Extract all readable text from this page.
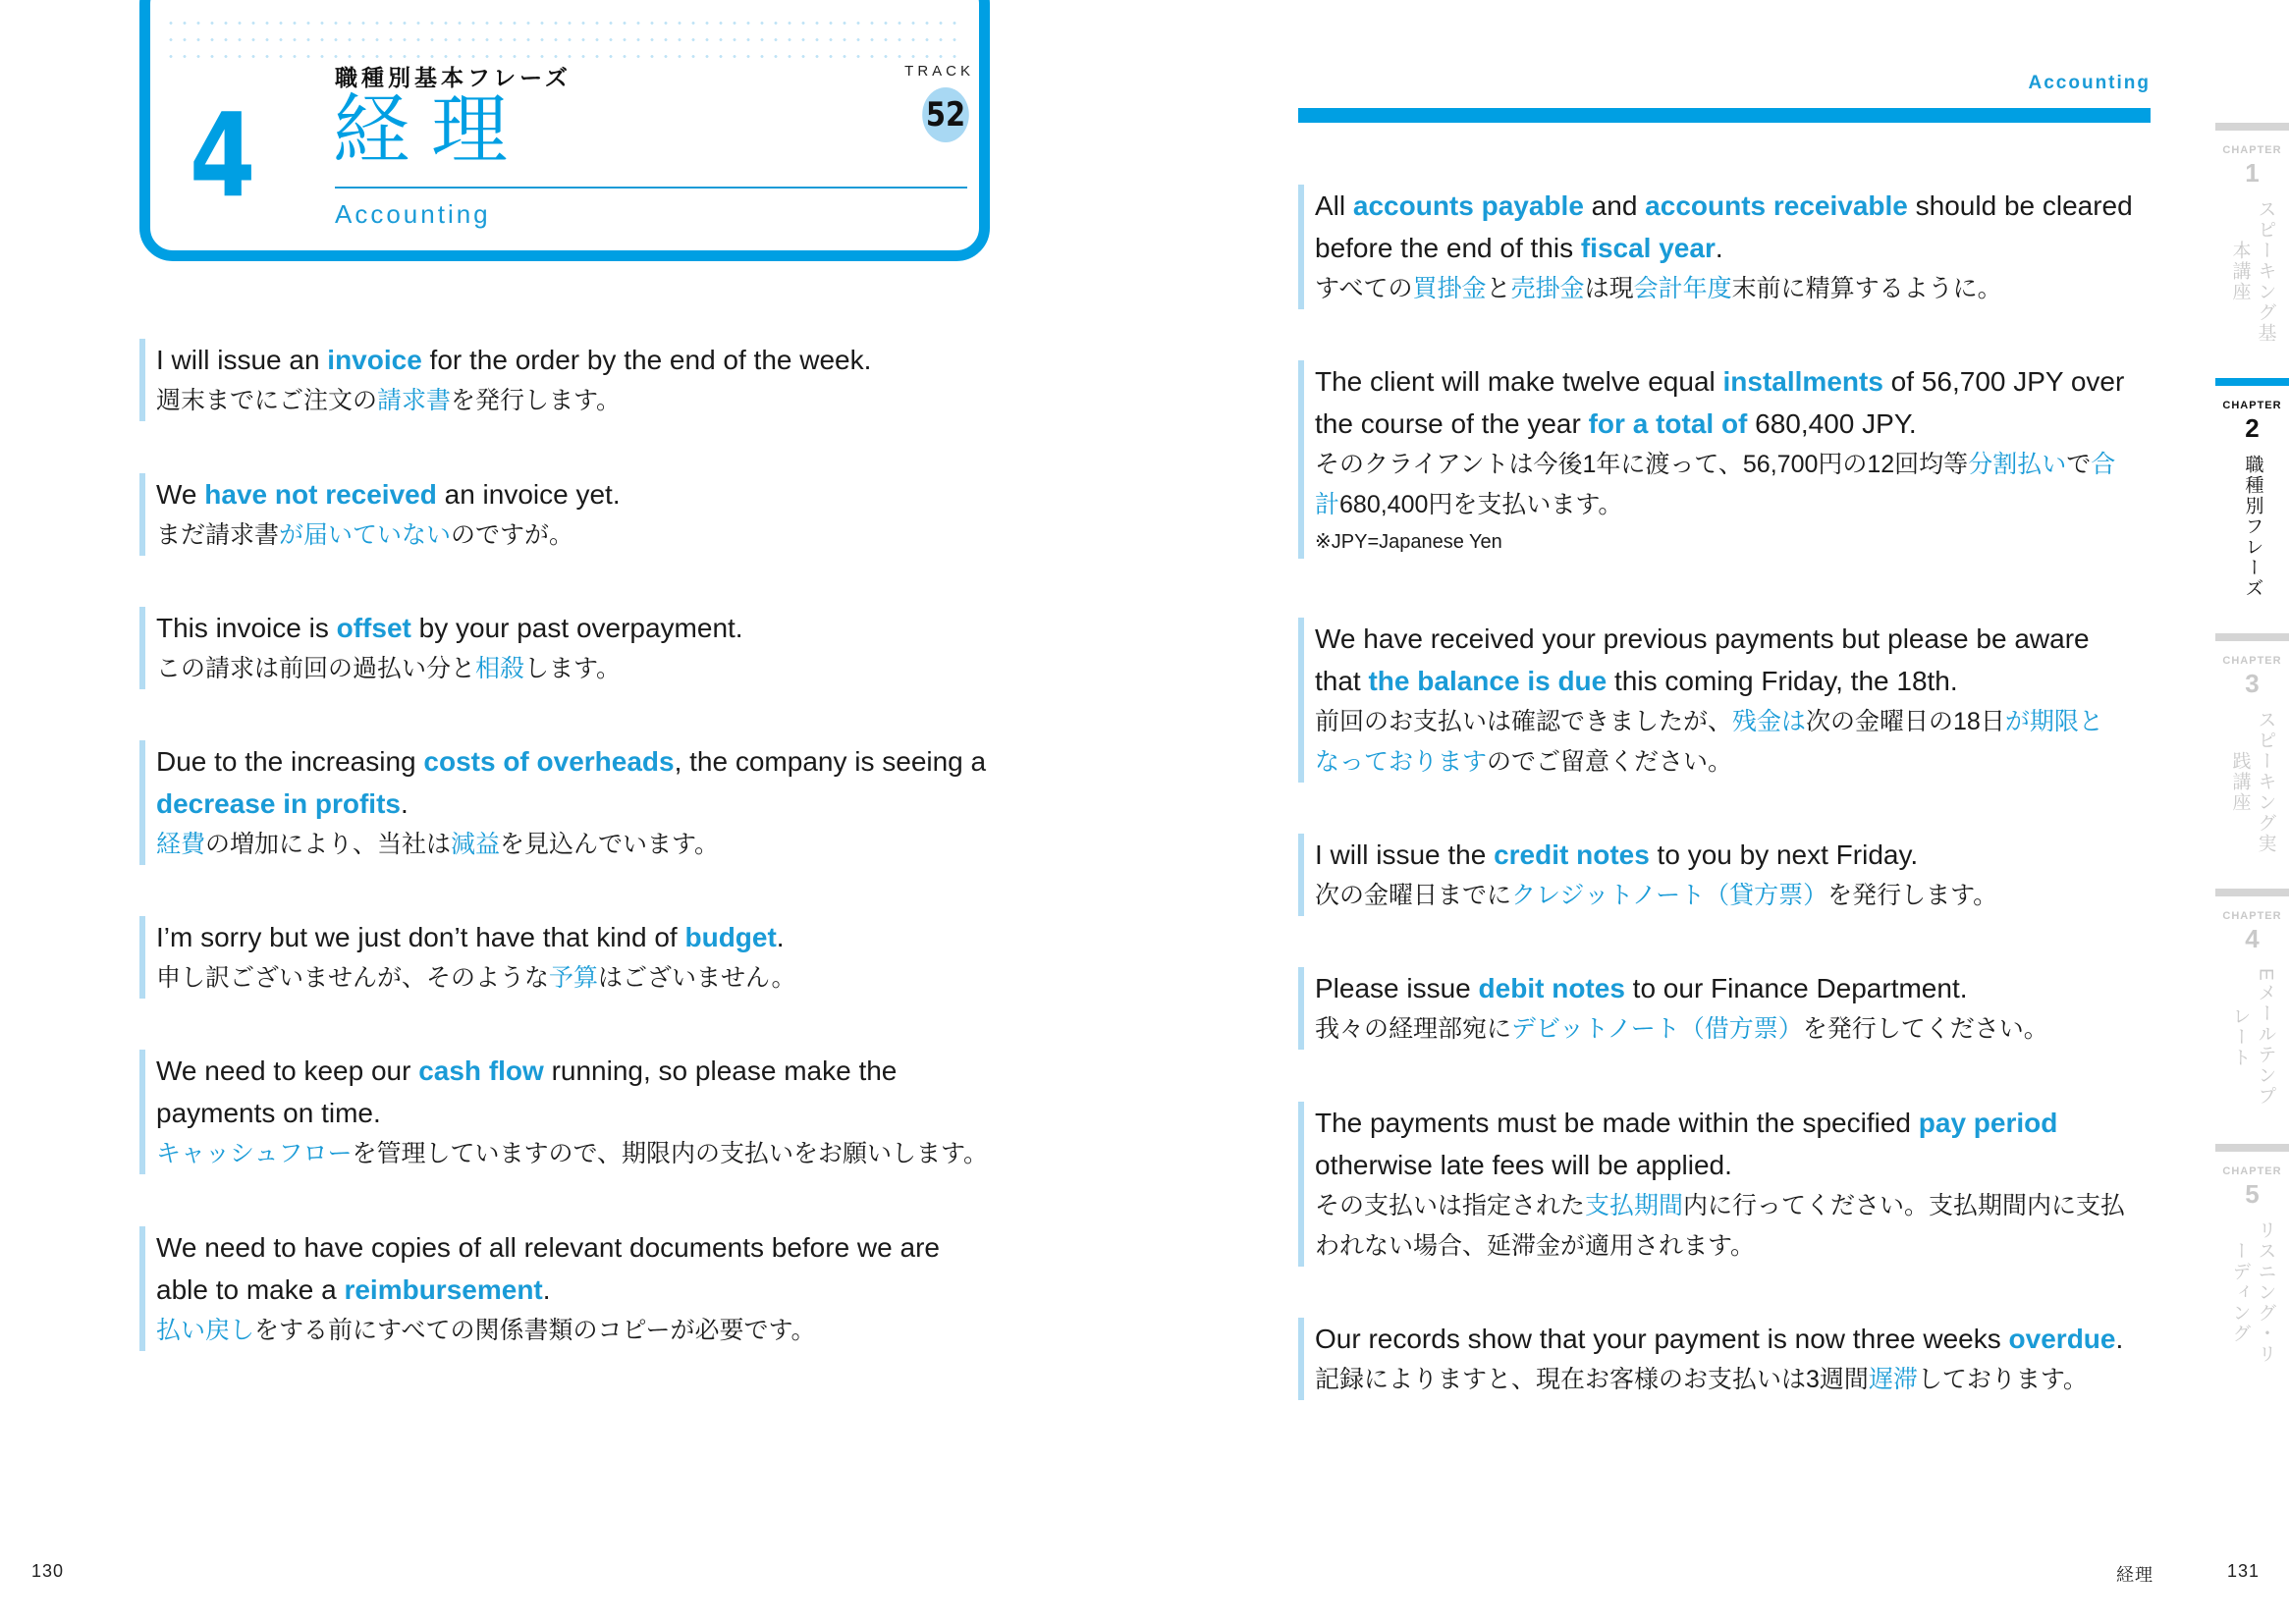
4
職種別基本フレーズ
経理
Accounting
TRACK
52
Accounting
I will issue an invoice for the order by the end of the week.
週末までにご注文の請求書を発行します。
We have not received an invoice yet.
まだ請求書が届いていないのですが。
This invoice is offset by your past overpayment.
この請求は前回の過払い分と相殺します。
Due to the increasing costs of overheads, the company is seeing a
decrease in profits.
経費の増加により、当社は減益を見込んでいます。
I’m sorry but we just don’t have that kind of budget.
申し訳ございませんが、そのような予算はございません。
We need to keep our cash flow running, so please make the
payments on time.
キャッシュフローを管理していますので、期限内の支払いをお願いします。
We need to have copies of all relevant documents before we are
able to make a reimbursement.
払い戻しをする前にすべての関係書類のコピーが必要です。
All accounts payable and accounts receivable should be cleared
before the end of this fiscal year.
すべての買掛金と売掛金は現会計年度末前に精算するように。
The client will make twelve equal installments of 56,700 JPY over
the course of the year for a total of 680,400 JPY.
そのクライアントは今後1年に渡って、56,700円の12回均等分割払いで合
計680,400円を支払います。
※JPY=Japanese Yen
We have received your previous payments but please be aware
that the balance is due this coming Friday, the 18th.
前回のお支払いは確認できましたが、残金は次の金曜日の18日が期限と
なっておりますのでご留意ください。
I will issue the credit notes to you by next Friday.
次の金曜日までにクレジットノート（貸方票）を発行します。
Please issue debit notes to our Finance Department.
我々の経理部宛にデビットノート（借方票）を発行してください。
The payments must be made within the specified pay period
otherwise late fees will be applied.
その支払いは指定された支払期間内に行ってください。支払期間内に支払
われない場合、延滞金が適用されます。
Our records show that your payment is now three weeks overdue.
記録によりますと、現在お客様のお支払いは3週間遅滞しております。
CHAPTER
1
スピーキング基本講座
CHAPTER
2
職種別フレーズ
CHAPTER
3
スピーキング実践講座
CHAPTER
4
Eメールテンプレート
CHAPTER
5
リスニング・リーディング
130	経理	131
